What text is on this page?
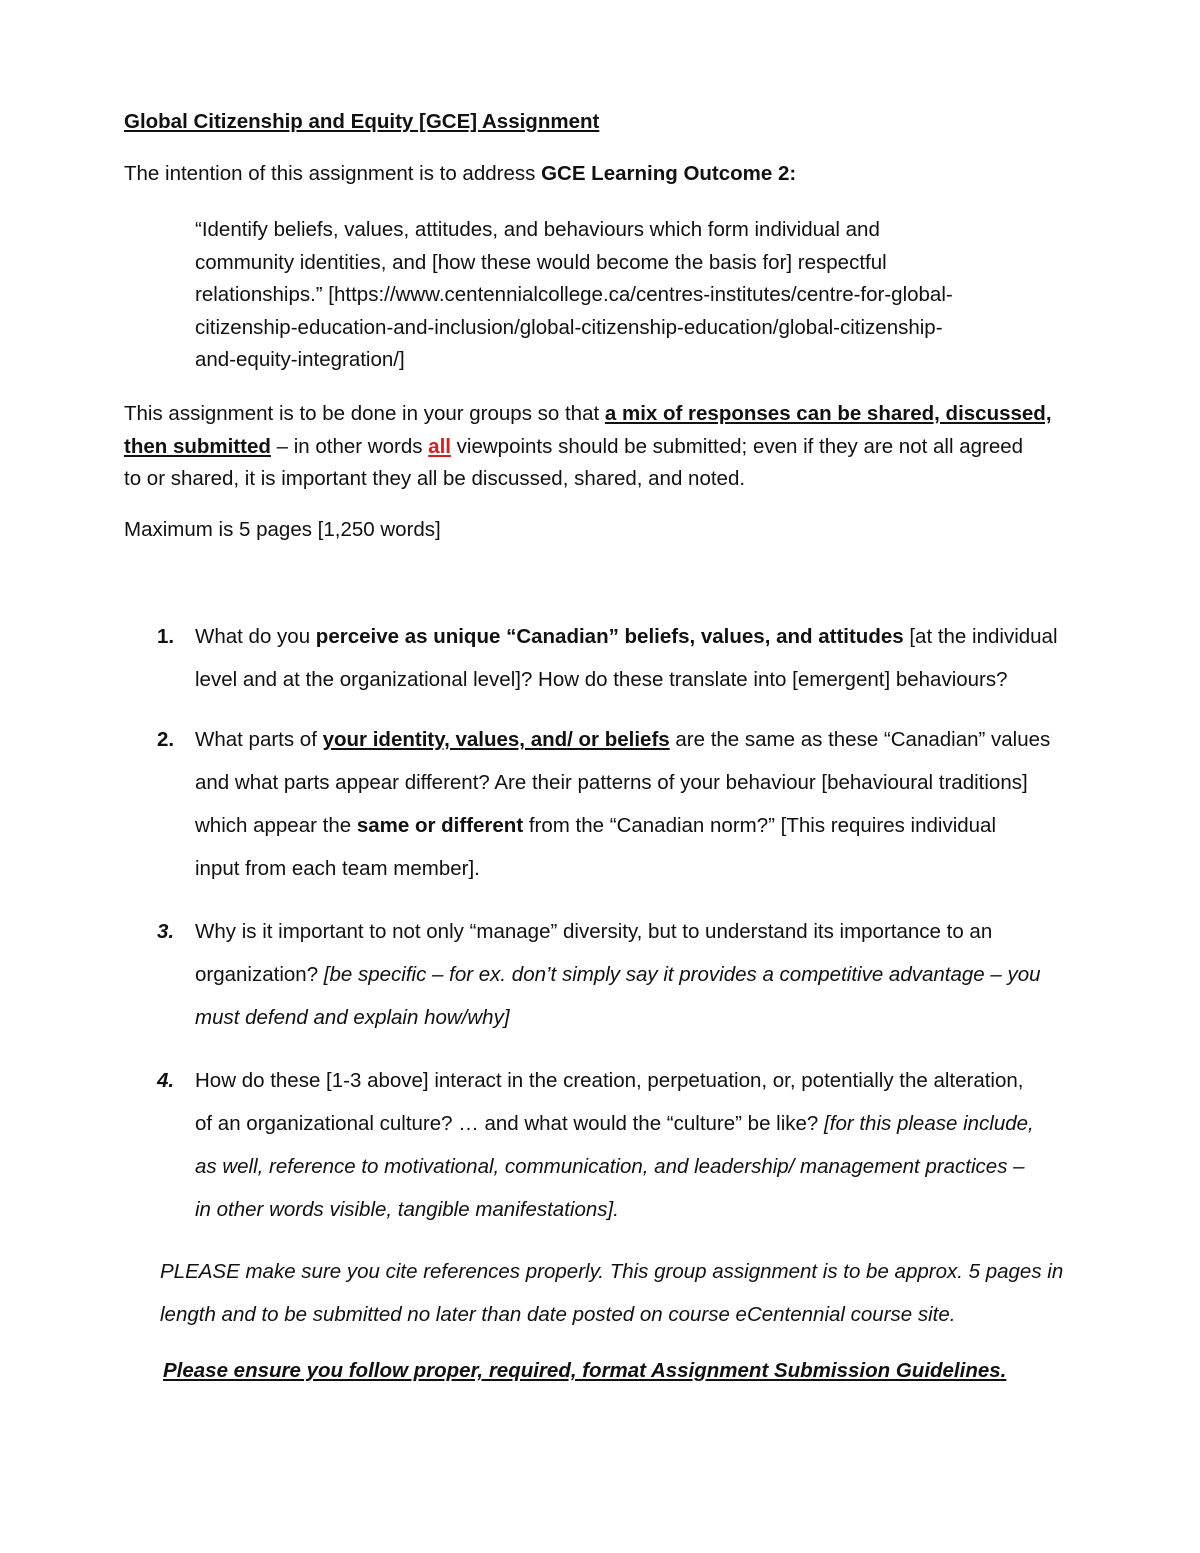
Global Citizenship and Equity [GCE] Assignment

The intention of this assignment is to address GCE Learning Outcome 2:

“Identify beliefs, values, attitudes, and behaviours which form individual and
community identities, and [how these would become the basis for] respectful
relationships.” [https://www.centennialcollege.ca/centres-institutes/centre-for-global-
citizenship-education-and-inclusion/global-citizenship-education/global-citizenship-
and-equity-integration/]

This assignment is to be done in your groups so that a mix of responses can be shared, discussed,
then submitted – in other words all viewpoints should be submitted; even if they are not all agreed
to or shared, it is important they all be discussed, shared, and noted.

Maximum is 5 pages [1,250 words]

1. What do you perceive as unique “Canadian” beliefs, values, and attitudes [at the individual
level and at the organizational level]? How do these translate into [emergent] behaviours?
2. What parts of your identity, values, and/ or beliefs are the same as these “Canadian” values
and what parts appear different? Are their patterns of your behaviour [behavioural traditions]
which appear the same or different from the “Canadian norm?” [This requires individual
input from each team member].
3. Why is it important to not only “manage” diversity, but to understand its importance to an
organization? [be specific – for ex. don’t simply say it provides a competitive advantage – you
must defend and explain how/why]
4. How do these [1-3 above] interact in the creation, perpetuation, or, potentially the alteration,
of an organizational culture? … and what would the “culture” be like? [for this please include,
as well, reference to motivational, communication, and leadership/ management practices –
in other words visible, tangible manifestations].

PLEASE make sure you cite references properly. This group assignment is to be approx. 5 pages in
length and to be submitted no later than date posted on course eCentennial course site.

Please ensure you follow proper, required, format Assignment Submission Guidelines.
